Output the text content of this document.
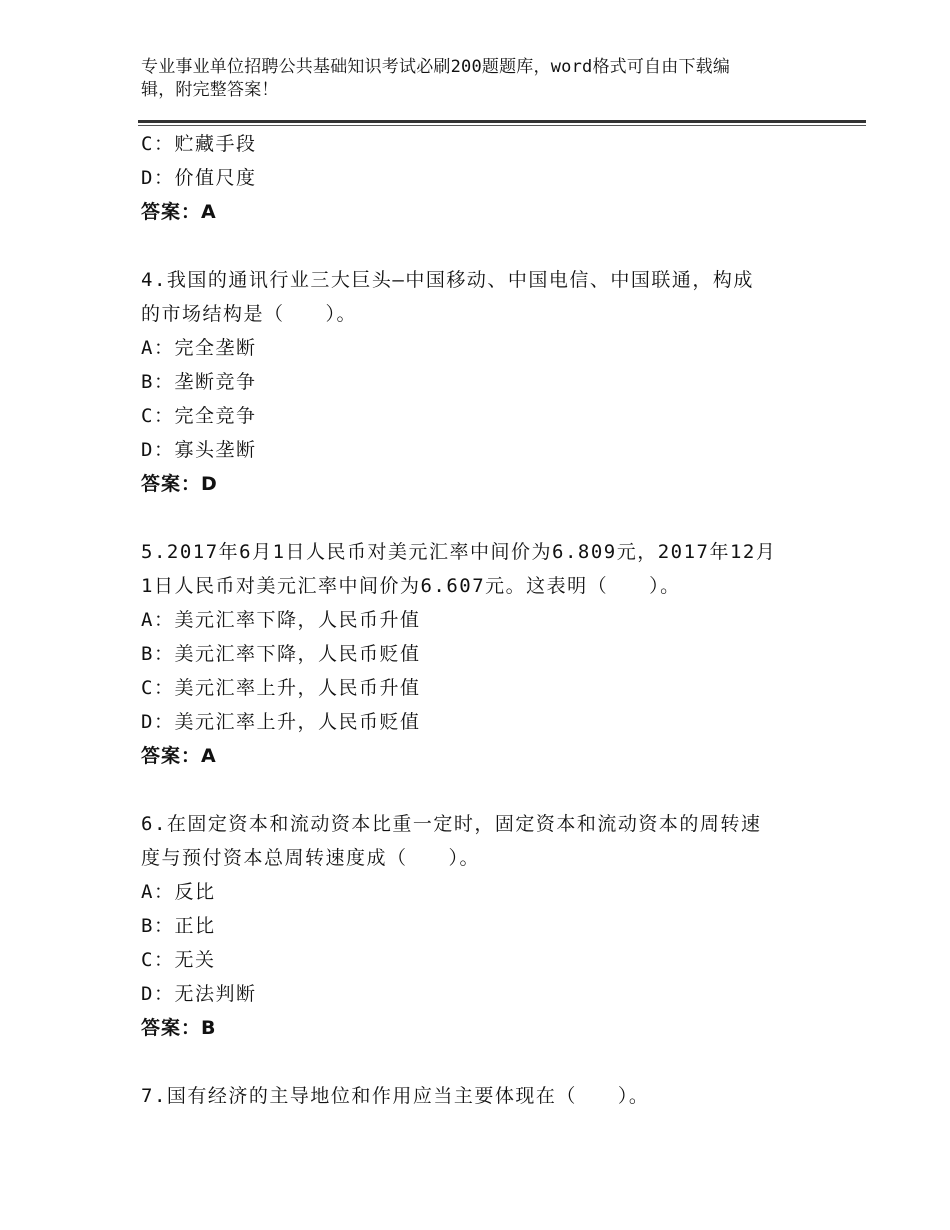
专业事业单位招聘公共基础知识考试必刷200题题库，word格式可自由下载编
辑，附完整答案！
C：贮藏手段
D：价值尺度
答案：A
4.我国的通讯行业三大巨头—中国移动、中国电信、中国联通，构成
的市场结构是（　　）。
A：完全垄断
B：垄断竞争
C：完全竞争
D：寡头垄断
答案：D
5.2017年6月1日人民币对美元汇率中间价为6.809元，2017年12月
1日人民币对美元汇率中间价为6.607元。这表明（　　）。
A：美元汇率下降，人民币升值
B：美元汇率下降，人民币贬值
C：美元汇率上升，人民币升值
D：美元汇率上升，人民币贬值
答案：A
6.在固定资本和流动资本比重一定时，固定资本和流动资本的周转速
度与预付资本总周转速度成（　　）。
A：反比
B：正比
C：无关
D：无法判断
答案：B
7.国有经济的主导地位和作用应当主要体现在（　　）。
